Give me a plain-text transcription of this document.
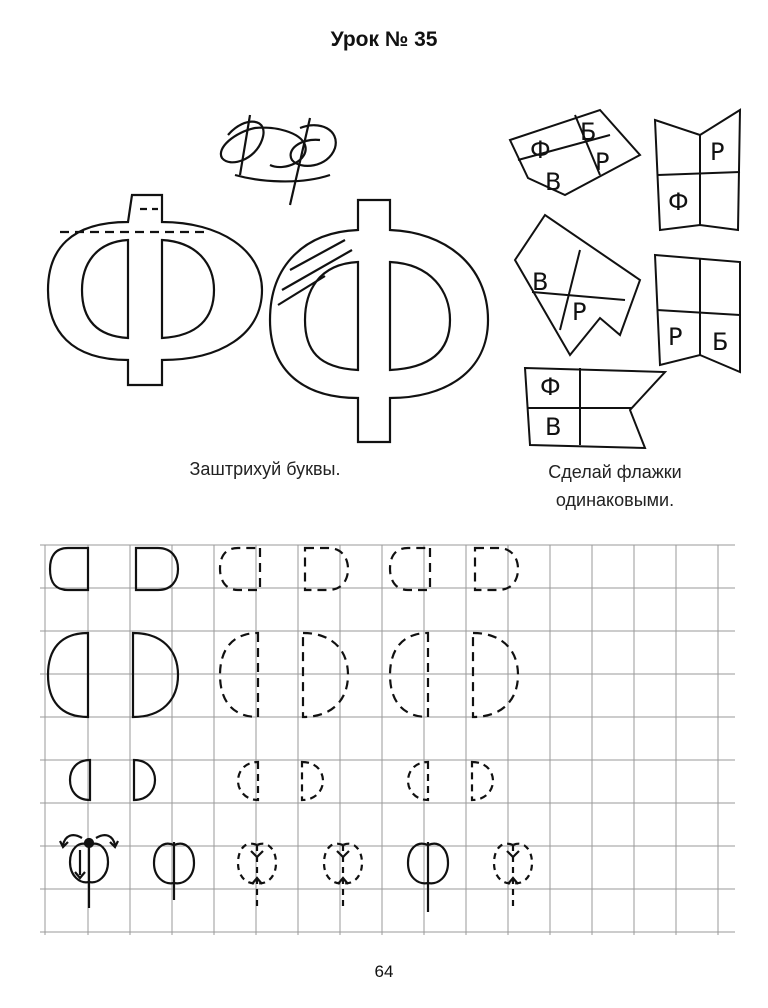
Урок № 35
Ф
Б
В
Р	Р
Ф
В
Р
Р Б
Ф
В
Заштрихуй буквы.	Сделай флажки одинаковыми.
64
